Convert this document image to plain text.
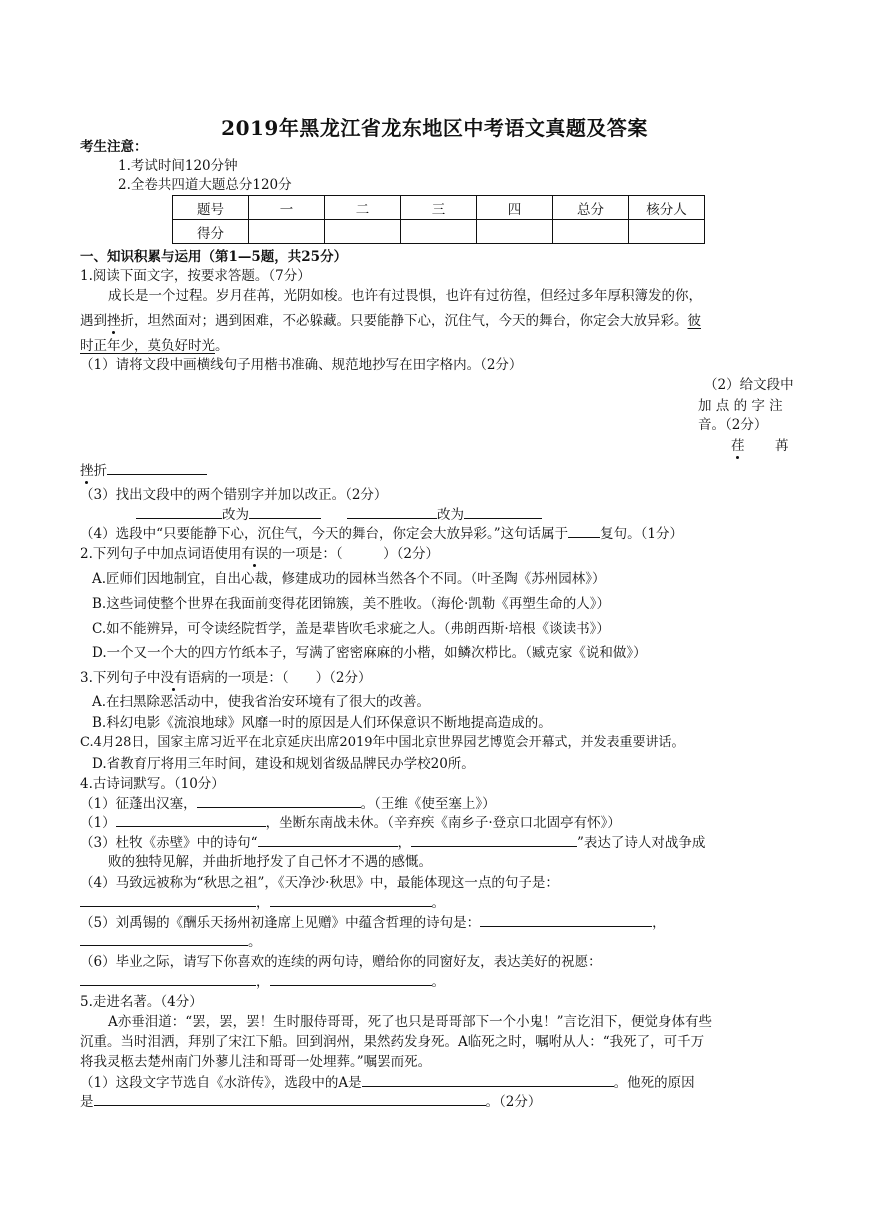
2019年黑龙江省龙东地区中考语文真题及答案
考生注意：
1.考试时间120分钟
2.全卷共四道大题总分120分
题号	一	二	三	四	总分	核分人
得分						
一、知识积累与运用（第1—5题，共25分）
1.阅读下面文字，按要求答题。（7分）
成长是一个过程。岁月荏苒，光阴如梭。也许有过畏惧，也许有过彷徨，但经过多年厚积簿发的你，
遇到挫折，坦然面对；遇到困难，不必躲藏。只要能静下心，沉住气，今天的舞台，你定会大放异彩。彼
时正年少，莫负好时光。
（1）请将文段中画横线句子用楷书准确、规范地抄写在田字格内。（2分）
（2）给文段中
加 点 的 字 注
音。（2分）
荏 苒
挫折
（3）找出文段中的两个错别字并加以改正。（2分）
改为	改为
（4）选段中“只要能静下心，沉住气，今天的舞台，你定会大放异彩。”这句话属于 复句。（1分）
2.下列句子中加点词语使用有误的一项是：（　　　）（2分）
A.匠师们因地制宜，自出心裁，修建成功的园林当然各个不同。（叶圣陶《苏州园林》）
B.这些词使整个世界在我面前变得花团锦簇，美不胜收。（海伦·凯勒《再塑生命的人》）
C.如不能辨异，可令读经院哲学，盖是辈皆吹毛求疵之人。（弗朗西斯·培根《谈读书》）
D.一个又一个大的四方竹纸本子，写满了密密麻麻的小楷，如鳞次栉比。（臧克家《说和做》）
3.下列句子中没有语病的一项是：（　　）（2分）
A.在扫黑除恶活动中，使我省治安环境有了很大的改善。
B.科幻电影《流浪地球》风靡一时的原因是人们环保意识不断地提高造成的。
C.4月28日，国家主席习近平在北京延庆出席2019年中国北京世界园艺博览会开幕式，并发表重要讲话。
D.省教育厅将用三年时间，建设和规划省级品牌民办学校20所。
4.古诗词默写。（10分）
（1）征蓬出汉塞，	。（王维《使至塞上》）
（1）	，坐断东南战未休。（辛弃疾《南乡子·登京口北固亭有怀》）
（3）杜牧《赤壁》中的诗句“	，	”表达了诗人对战争成
败的独特见解，并曲折地抒发了自己怀才不遇的感慨。
（4）马致远被称为“秋思之祖”，《天净沙·秋思》中，最能体现这一点的句子是：
，	。
（5）刘禹锡的《酬乐天扬州初逢席上见赠》中蕴含哲理的诗句是：	，
。
（6）毕业之际，请写下你喜欢的连续的两句诗，赠给你的同窗好友，表达美好的祝愿：
，	。
5.走进名著。（4分）
A亦垂泪道：“罢，罢，罢！生时服侍哥哥，死了也只是哥哥部下一个小鬼！”言讫泪下，便觉身体有些
沉重。当时泪洒，拜别了宋江下船。回到润州，果然药发身死。A临死之时，嘱咐从人：“我死了，可千万
将我灵柩去楚州南门外蓼儿洼和哥哥一处埋葬。”嘱罢而死。
（1）这段文字节选自《水浒传》，选段中的A是	。他死的原因
是	。（2分）
